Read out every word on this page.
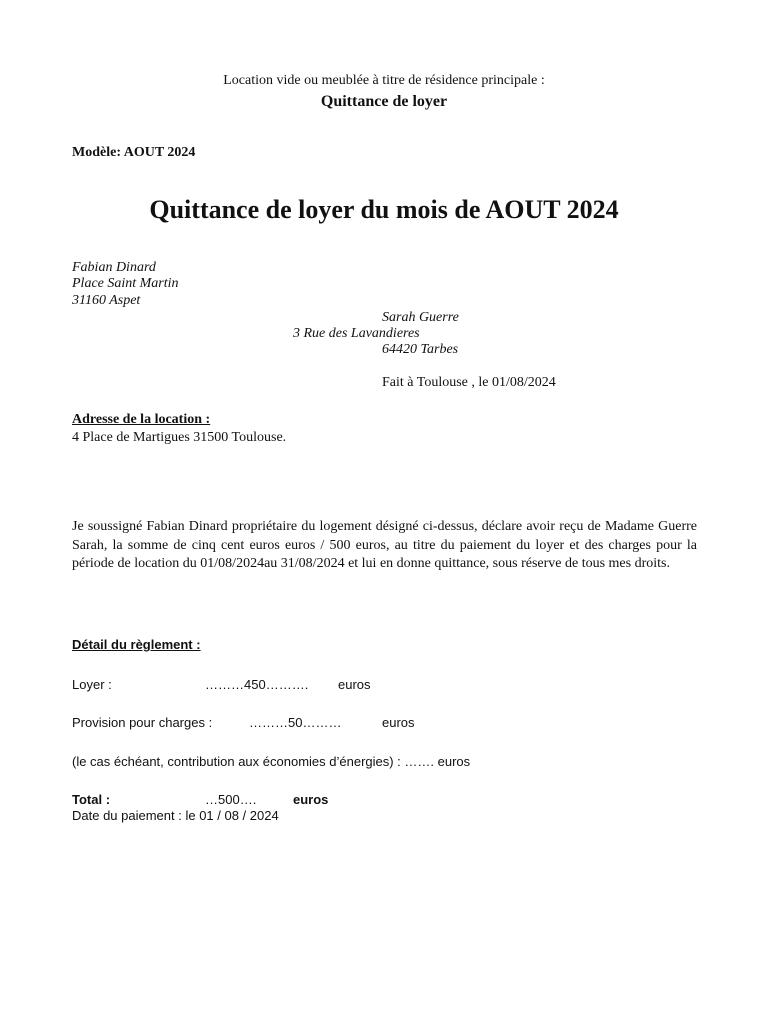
Location vide ou meublée à titre de résidence principale :
Quittance de loyer
Modèle: AOUT 2024
Quittance de loyer du mois de AOUT 2024
Fabian Dinard
Place Saint Martin
31160 Aspet
Sarah Guerre
3 Rue des Lavandieres
64420 Tarbes
Fait à Toulouse , le 01/08/2024
Adresse de la location :
4 Place de Martigues 31500 Toulouse.
Je soussigné Fabian Dinard propriétaire du logement désigné ci-dessus, déclare avoir reçu de Madame Guerre Sarah, la somme de cinq cent euros euros / 500 euros, au titre du paiement du loyer et des charges pour la période de location du 01/08/2024au 31/08/2024 et lui en donne quittance, sous réserve de tous mes droits.
Détail du règlement :
Loyer :	………450………. euros
Provision pour charges :	………50………	euros
(le cas échéant, contribution aux économies d’énergies) : ……. euros
Total :	…500….	euros
Date du paiement : le 01 / 08 / 2024
